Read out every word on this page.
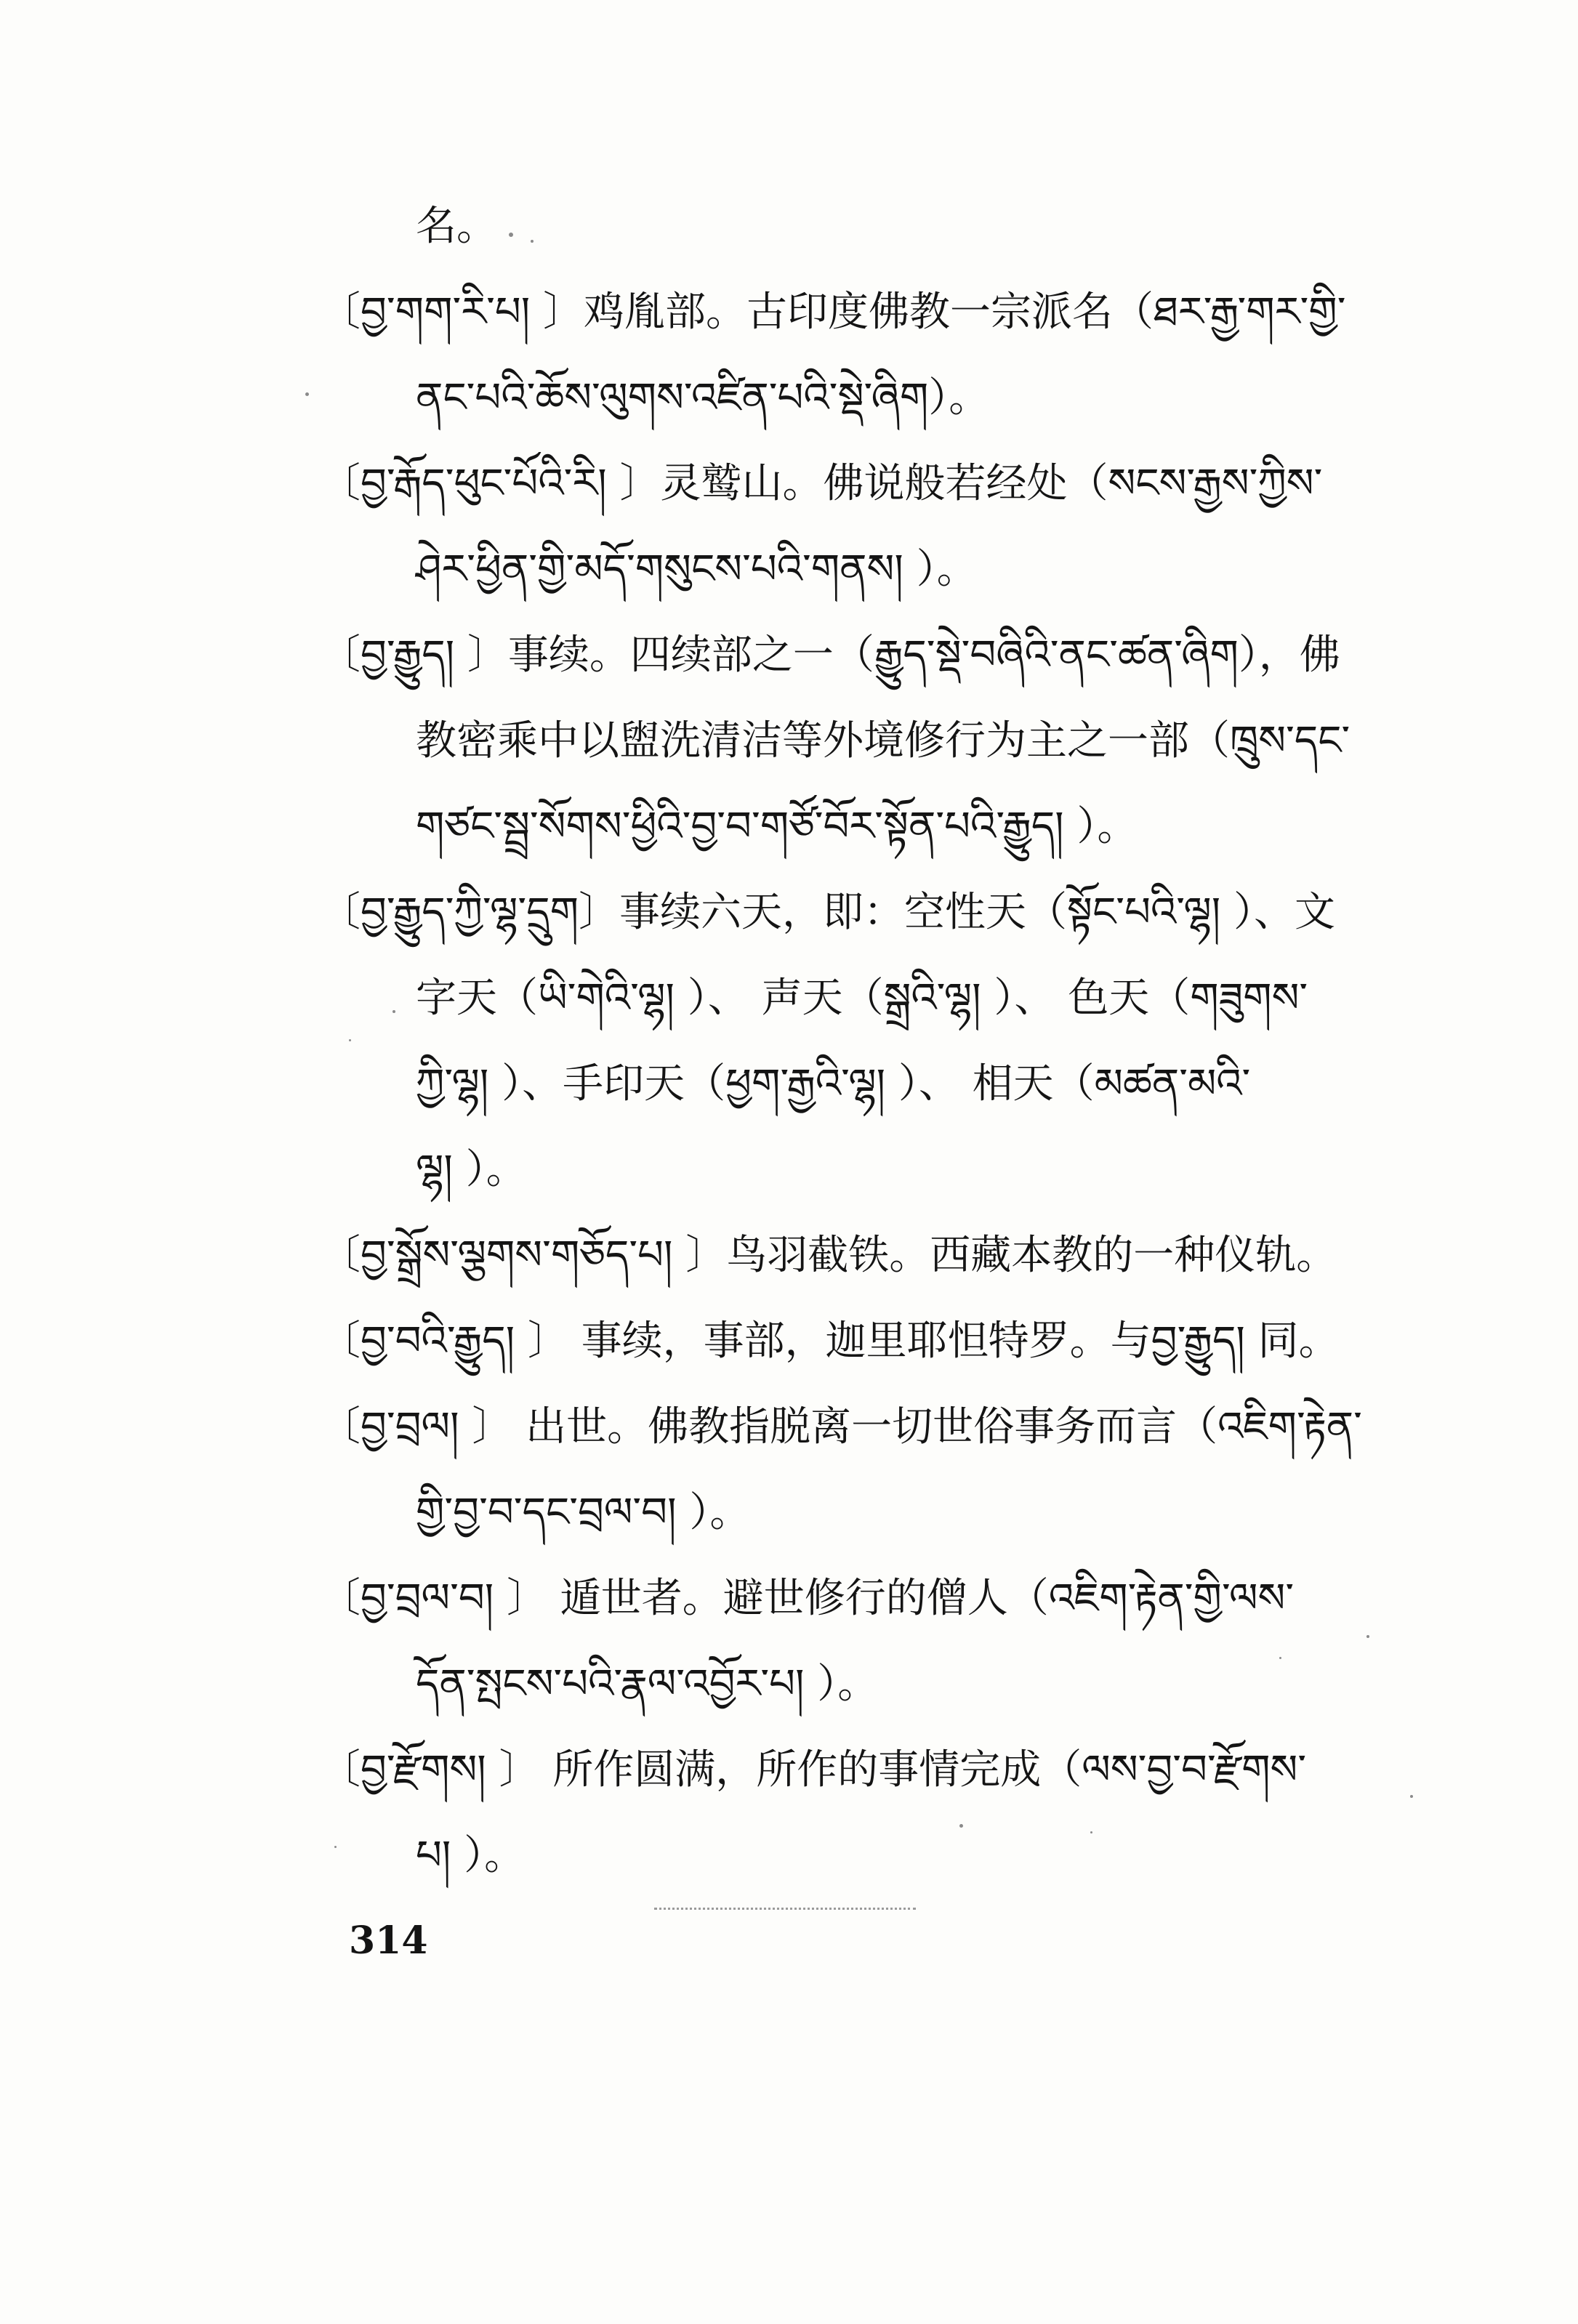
名。
〔བྱ་གག་རི་པ། 〕鸡胤部。古印度佛教一宗派名（ཐར་རྒྱ་གར་གྱི་
ནང་པའི་ཆོས་ལུགས་འཛིན་པའི་སྡེ་ཞིག）。
〔བྱ་རྒོད་ཕུང་པོའི་རི། 〕灵鹫山。佛说般若经处（སངས་རྒྱས་ཀྱིས་
ཤེར་ཕྱིན་གྱི་མདོ་གསུངས་པའི་གནས། ）。
〔བྱ་རྒྱུད། 〕事续。四续部之一（རྒྱུད་སྡེ་བཞིའི་ནང་ཚན་ཞིག），佛
教密乘中以盥洗清洁等外境修行为主之一部（ཁྲུས་དང་
གཙང་སྦྲ་སོགས་ཕྱིའི་བྱ་བ་གཙོ་བོར་སྟོན་པའི་རྒྱུད། ）。
〔བྱ་རྒྱུད་ཀྱི་ལྷ་དྲུག〕事续六天，即：空性天（སྟོང་པའི་ལྷ། ）、文
字天（ཡི་གེའི་ལྷ། ）、 声天（སྒྲའི་ལྷ། ）、 色天（གཟུགས་
ཀྱི་ལྷ། ）、手印天（ཕྱག་རྒྱའི་ལྷ། ）、 相天（མཚན་མའི་
ལྷ། ）。
〔བྱ་སྒྲོས་ལྕགས་གཅོད་པ། 〕鸟羽截铁。西藏本教的一种仪轨。
〔བྱ་བའི་རྒྱུད། 〕 事续，事部，迦里耶怛特罗。与བྱ་རྒྱུད། 同。
〔བྱ་བྲལ། 〕 出世。佛教指脱离一切世俗事务而言（འཇིག་རྟེན་
གྱི་བྱ་བ་དང་བྲལ་བ། ）。
〔བྱ་བྲལ་བ། 〕 遁世者。避世修行的僧人（འཇིག་རྟེན་གྱི་ལས་
དོན་སྤངས་པའི་རྣལ་འབྱོར་པ། ）。
〔བྱ་རྫོགས། 〕 所作圆满，所作的事情完成（ལས་བྱ་བ་རྫོགས་
པ། ）。
314
